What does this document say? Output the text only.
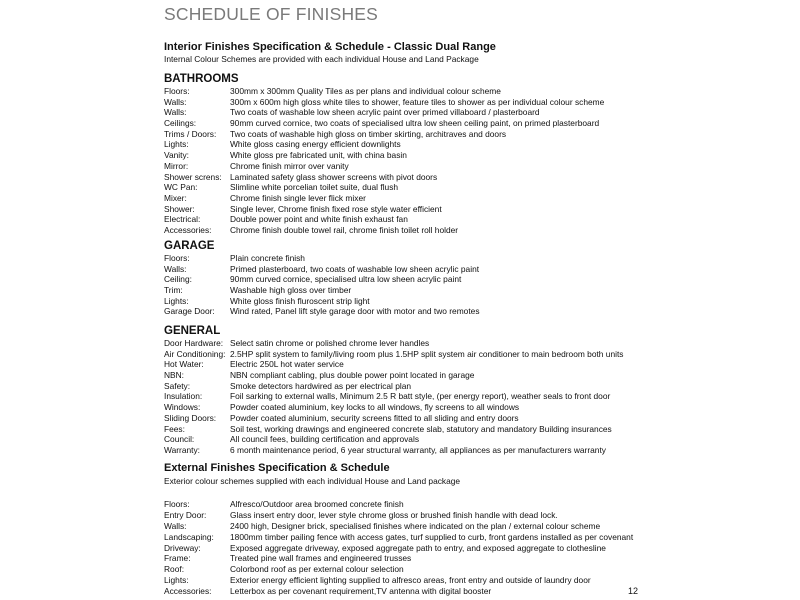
SCHEDULE OF FINISHES
Interior Finishes Specification & Schedule - Classic Dual Range
Internal Colour Schemes are provided with each individual House and Land Package
BATHROOMS
Floors:	300mm x 300mm Quality Tiles as per plans and individual colour scheme
Walls:	300m x 600m high gloss white tiles to shower, feature tiles to shower as per individual colour scheme
Walls:	Two coats of washable low sheen acrylic paint over primed villaboard / plasterboard
Ceilings:	90mm curved cornice, two coats of specialised ultra low sheen ceiling paint, on primed plasterboard
Trims / Doors:	Two coats of washable high gloss on timber skirting, architraves and doors
Lights:	White gloss casing energy efficient downlights
Vanity:	White gloss pre fabricated unit, with china basin
Mirror:	Chrome finish mirror over vanity
Shower screns: Laminated safety glass shower screens with pivot doors
WC Pan:	Slimline white porcelian toilet suite, dual flush
Mixer:	Chrome finish single lever flick mixer
Shower:	Single lever, Chrome finish fixed rose style water efficient
Electrical:	Double power point and white finish exhaust fan
Accessories:	Chrome finish double towel rail, chrome finish toilet roll holder
GARAGE
Floors:	Plain concrete finish
Walls:	Primed plasterboard, two coats of washable low sheen acrylic paint
Ceiling:	90mm curved cornice, specialised ultra low sheen acrylic paint
Trim:	Washable high gloss over timber
Lights:	White gloss finish fluroscent strip light
Garage Door:	Wind rated, Panel lift style garage door with motor and two remotes
GENERAL
Door Hardware: Select satin chrome or polished chrome lever handles
Air Conditioning: 2.5HP split system to family/living room plus 1.5HP split system air conditioner to main bedroom both units
Hot Water:	Electric 250L hot water service
NBN:	NBN compliant cabling, plus double power point located in garage
Safety:	Smoke detectors hardwired as per electrical plan
Insulation:	Foil sarking to external walls, Minimum 2.5 R batt style, (per energy report), weather seals to front door
Windows:	Powder coated aluminium, key locks to all windows, fly screens to all windows
Sliding Doors:	Powder coated aluminium, security screens fitted to all sliding and entry doors
Fees:	Soil test, working drawings and engineered concrete slab, statutory and mandatory Building insurances
Council:	All council fees, building certification and approvals
Warranty:	6 month maintenance period, 6 year structural warranty, all appliances as per manufacturers warranty
External Finishes Specification & Schedule
Exterior colour schemes supplied with each individual House and Land package
Floors:	Alfresco/Outdoor area broomed concrete finish
Entry Door:	Glass insert entry door, lever style chrome gloss or brushed finish handle with dead lock.
Walls:	2400 high, Designer brick, specialised finishes where indicated on the plan / external colour scheme
Landscaping:	1800mm timber pailing fence with access gates, turf supplied to curb, front gardens installed as per covenant
Driveway:	Exposed aggregate driveway, exposed aggregate path to entry, and exposed aggregate to clothesline
Frame:	Treated pine wall frames and engineered trusses
Roof:	Colorbond roof as per external colour selection
Lights:	Exterior energy efficient lighting supplied to alfresco areas, front entry and outside of laundry door
Accessories:	Letterbox as per covenant requirement,TV antenna with digital booster	12
